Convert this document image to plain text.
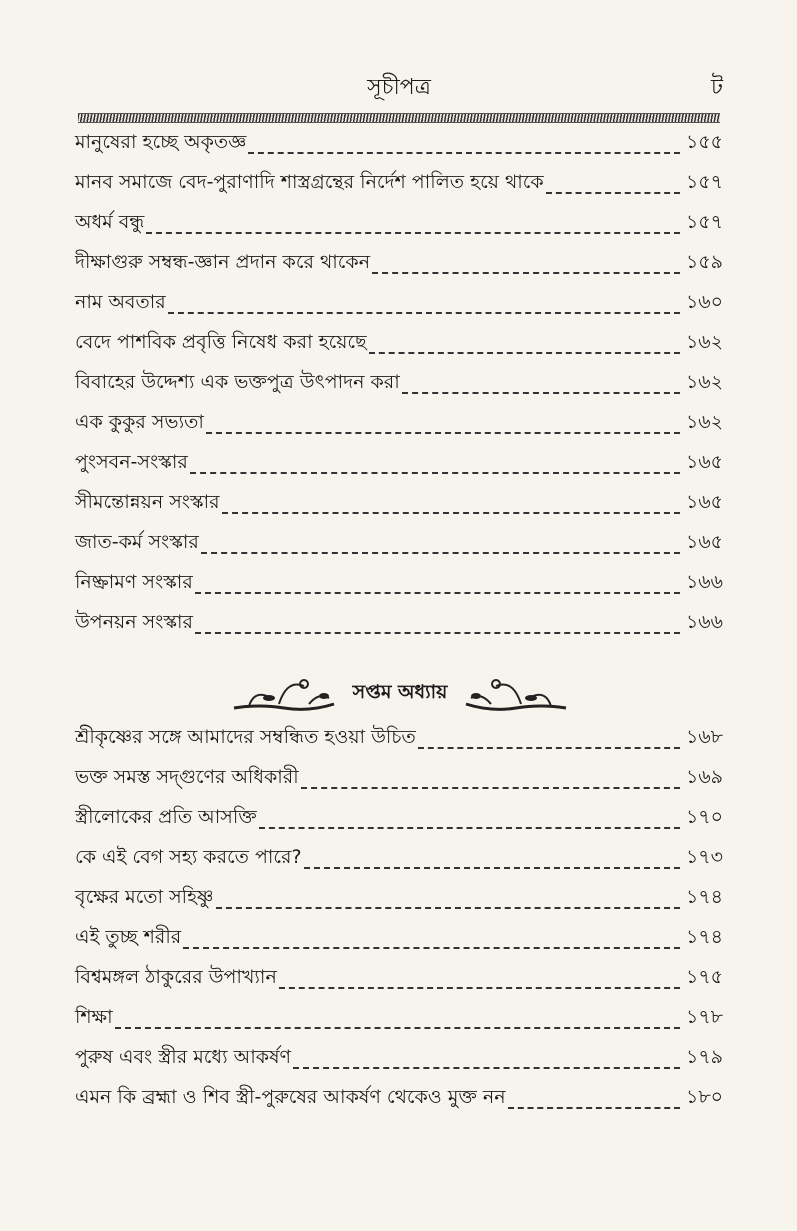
সূচীপত্র	ট
মানুষেরা হচ্ছে অকৃতজ্ঞ	১৫৫
মানব সমাজে বেদ-পুরাণাদি শাস্ত্রগ্রন্থের নির্দেশ পালিত হয়ে থাকে	১৫৭
অধর্ম বন্ধু	১৫৭
দীক্ষাগুরু সম্বন্ধ-জ্ঞান প্রদান করে থাকেন	১৫৯
নাম অবতার	১৬০
বেদে পাশবিক প্রবৃত্তি নিষেধ করা হয়েছে	১৬২
বিবাহের উদ্দেশ্য এক ভক্তপুত্র উৎপাদন করা	১৬২
এক কুকুর সভ্যতা	১৬২
পুংসবন-সংস্কার	১৬৫
সীমন্তোন্নয়ন সংস্কার	১৬৫
জাত-কর্ম সংস্কার	১৬৫
নিষ্ক্রামণ সংস্কার	১৬৬
উপনয়ন সংস্কার	১৬৬
সপ্তম অধ্যায়
শ্রীকৃষ্ণের সঙ্গে আমাদের সম্বন্ধিত হওয়া উচিত	১৬৮
ভক্ত সমস্ত সদ্‌গুণের অধিকারী	১৬৯
স্ত্রীলোকের প্রতি আসক্তি	১৭০
কে এই বেগ সহ্য করতে পারে?	১৭৩
বৃক্ষের মতো সহিষ্ণু	১৭৪
এই তুচ্ছ শরীর	১৭৪
বিশ্বমঙ্গল ঠাকুরের উপাখ্যান	১৭৫
শিক্ষা	১৭৮
পুরুষ এবং স্ত্রীর মধ্যে আকর্ষণ	১৭৯
এমন কি ব্রহ্মা ও শিব স্ত্রী-পুরুষের আকর্ষণ থেকেও মুক্ত নন	১৮০
